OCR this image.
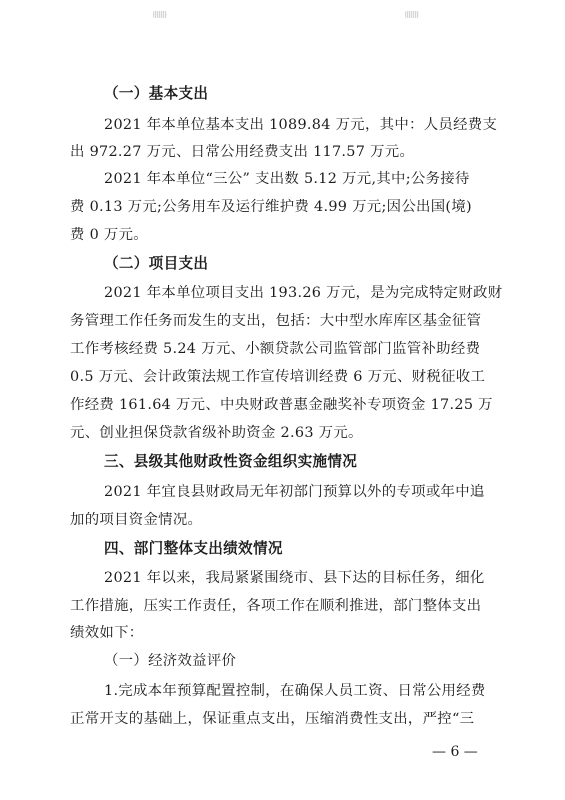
（一）基本支出
2021 年本单位基本支出 1089.84 万元，其中：人员经费支
出 972.27 万元、日常公用经费支出 117.57 万元。
2021 年本单位“三公” 支出数 5.12 万元,其中;公务接待
费 0.13 万元;公务用车及运行维护费 4.99 万元;因公出国(境)
费 0 万元。
（二）项目支出
2021 年本单位项目支出 193.26 万元，是为完成特定财政财
务管理工作任务而发生的支出，包括：大中型水库库区基金征管
工作考核经费 5.24 万元、小额贷款公司监管部门监管补助经费
0.5 万元、会计政策法规工作宣传培训经费 6 万元、财税征收工
作经费 161.64 万元、中央财政普惠金融奖补专项资金 17.25 万
元、创业担保贷款省级补助资金 2.63 万元。
三、县级其他财政性资金组织实施情况
2021 年宜良县财政局无年初部门预算以外的专项或年中追
加的项目资金情况。
四、部门整体支出绩效情况
2021 年以来，我局紧紧围绕市、县下达的目标任务，细化
工作措施，压实工作责任，各项工作在顺利推进，部门整体支出
绩效如下：
（一）经济效益评价
1.完成本年预算配置控制，在确保人员工资、日常公用经费
正常开支的基础上，保证重点支出，压缩消费性支出，严控“三
— 6 —
